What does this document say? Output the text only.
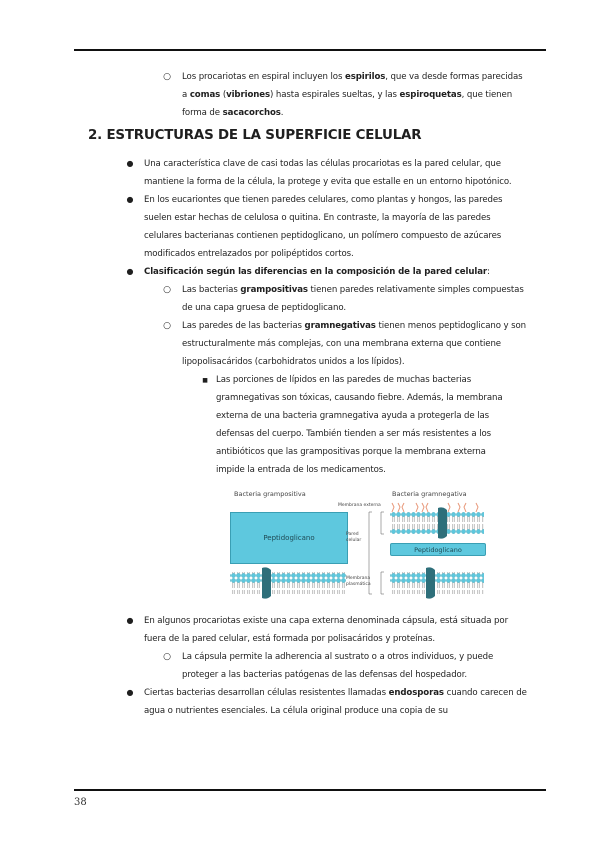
○ Los procariotas en espiral incluyen los espirilos, que va desde formas parecidas a comas (vibriones) hasta espirales sueltas, y las espiroquetas, que tienen forma de sacacorchos.
2. ESTRUCTURAS DE LA SUPERFICIE CELULAR
● Una característica clave de casi todas las células procariotas es la pared celular, que mantiene la forma de la célula, la protege y evita que estalle en un entorno hipotónico.
● En los eucariontes que tienen paredes celulares, como plantas y hongos, las paredes suelen estar hechas de celulosa o quitina. En contraste, la mayoría de las paredes celulares bacterianas contienen peptidoglicano, un polímero compuesto de azúcares modificados entrelazados por polipéptidos cortos.
● Clasificación según las diferencias en la composición de la pared celular:
○ Las bacterias grampositivas tienen paredes relativamente simples compuestas de una capa gruesa de peptidoglicano.
○ Las paredes de las bacterias gramnegativas tienen menos peptidoglicano y son estructuralmente más complejas, con una membrana externa que contiene lipopolisacáridos (carbohidratos unidos a los lípidos).
■ Las porciones de lípidos en las paredes de muchas bacterias gramnegativas son tóxicas, causando fiebre. Además, la membrana externa de una bacteria gramnegativa ayuda a protegerla de las defensas del cuerpo. También tienden a ser más resistentes a los antibióticos que las grampositivas porque la membrana externa impide la entrada de los medicamentos.
Bacteria grampositiva	Bacteria gramnegativa
Peptidoglicano
Peptidoglicano
Membrana externa
Pared celular
Membrana plasmática
● En algunos procariotas existe una capa externa denominada cápsula, está situada por fuera de la pared celular, está formada por polisacáridos y proteínas.
○ La cápsula permite la adherencia al sustrato o a otros individuos, y puede proteger a las bacterias patógenas de las defensas del hospedador.
● Ciertas bacterias desarrollan células resistentes llamadas endosporas cuando carecen de agua o nutrientes esenciales. La célula original produce una copia de su
38
